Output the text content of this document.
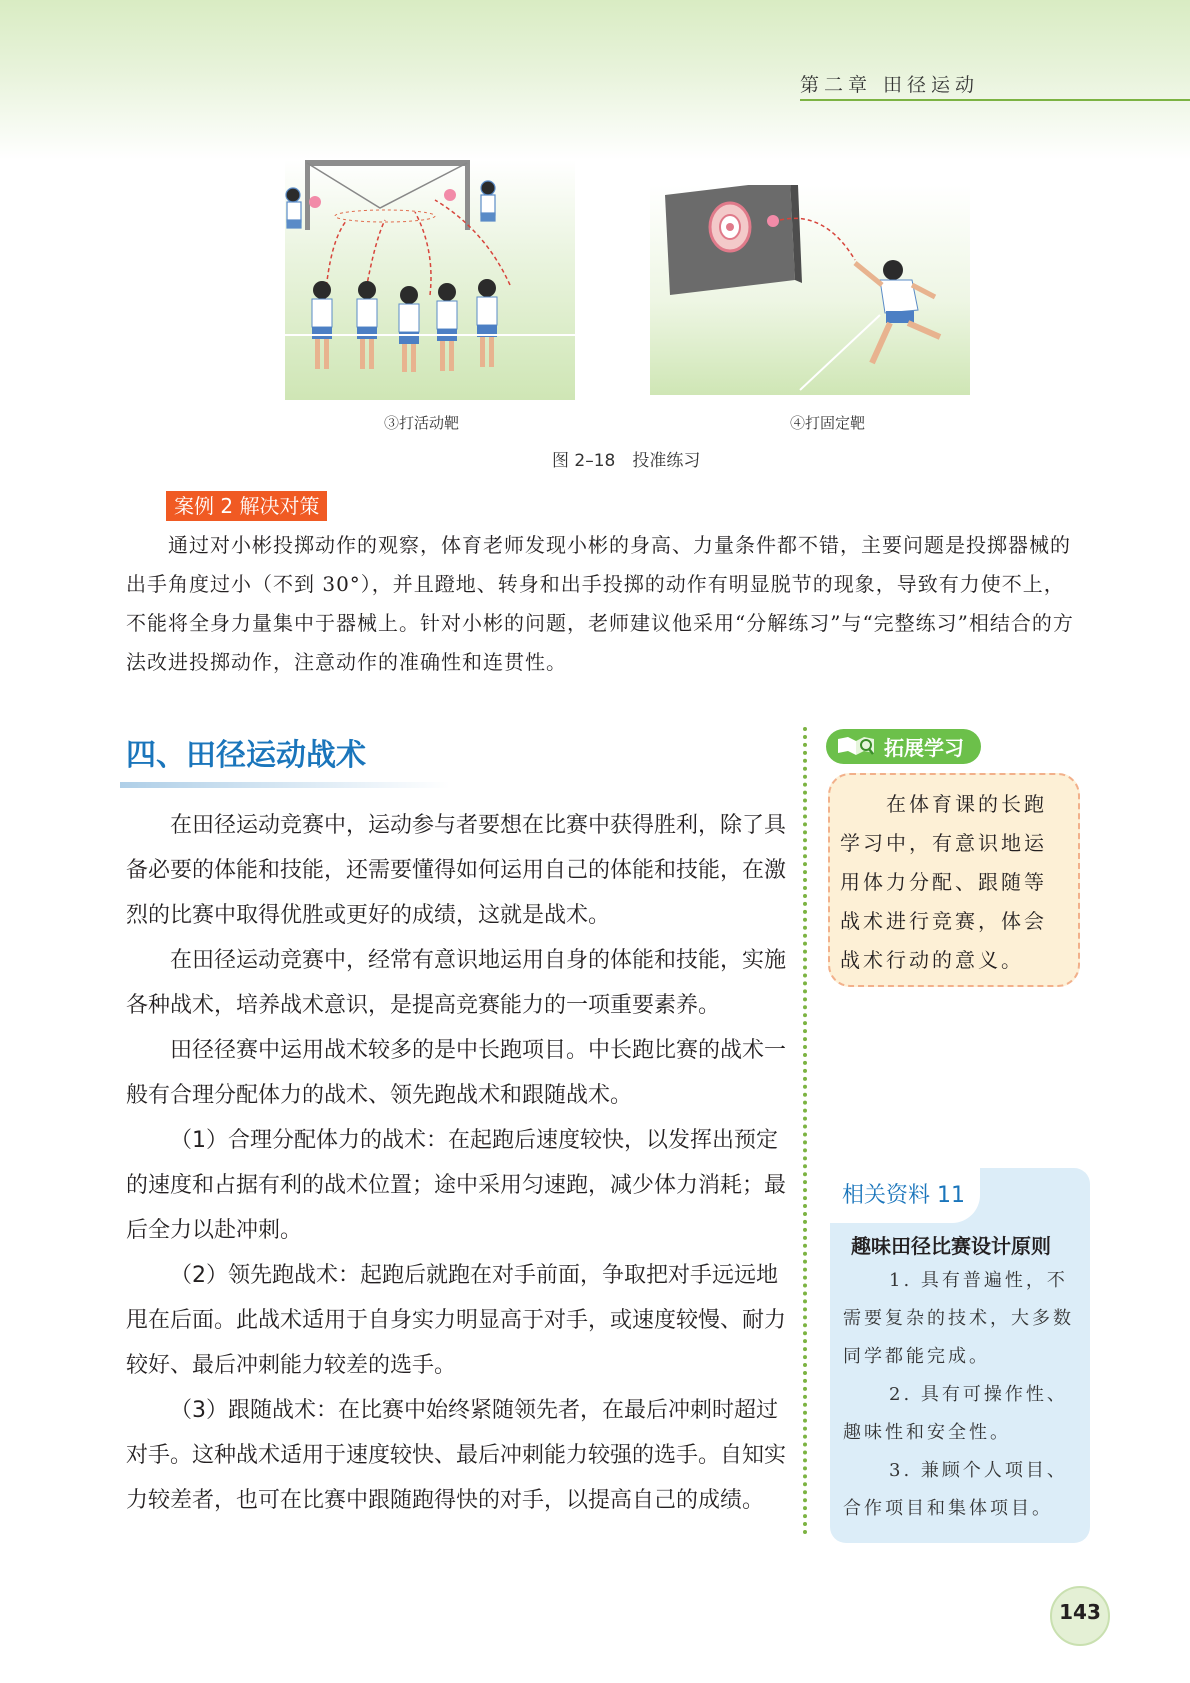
第二章 田径运动
③打活动靶	④打固定靶
图 2–18　投准练习
案例 2 解决对策
通过对小彬投掷动作的观察，体育老师发现小彬的身高、力量条件都不错，主要问题是投掷器械的出手角度过小（不到 30°），并且蹬地、转身和出手投掷的动作有明显脱节的现象，导致有力使不上，不能将全身力量集中于器械上。针对小彬的问题，老师建议他采用“分解练习”与“完整练习”相结合的方法改进投掷动作，注意动作的准确性和连贯性。
四、田径运动战术

在田径运动竞赛中，运动参与者要想在比赛中获得胜利，除了具备必要的体能和技能，还需要懂得如何运用自己的体能和技能，在激烈的比赛中取得优胜或更好的成绩，这就是战术。

在田径运动竞赛中，经常有意识地运用自身的体能和技能，实施各种战术，培养战术意识，是提高竞赛能力的一项重要素养。

田径径赛中运用战术较多的是中长跑项目。中长跑比赛的战术一般有合理分配体力的战术、领先跑战术和跟随战术。

（1）合理分配体力的战术：在起跑后速度较快，以发挥出预定的速度和占据有利的战术位置；途中采用匀速跑，减少体力消耗；最后全力以赴冲刺。

（2）领先跑战术：起跑后就跑在对手前面，争取把对手远远地甩在后面。此战术适用于自身实力明显高于对手，或速度较慢、耐力较好、最后冲刺能力较差的选手。

（3）跟随战术：在比赛中始终紧随领先者，在最后冲刺时超过对手。这种战术适用于速度较快、最后冲刺能力较强的选手。自知实力较差者，也可在比赛中跟随跑得快的对手，以提高自己的成绩。

拓展学习
在体育课的长跑学习中，有意识地运用体力分配、跟随等战术进行竞赛，体会战术行动的意义。
相关资料 11
趣味田径比赛设计原则
1. 具有普遍性，不需要复杂的技术，大多数同学都能完成。
2. 具有可操作性、趣味性和安全性。
3. 兼顾个人项目、合作项目和集体项目。
143
